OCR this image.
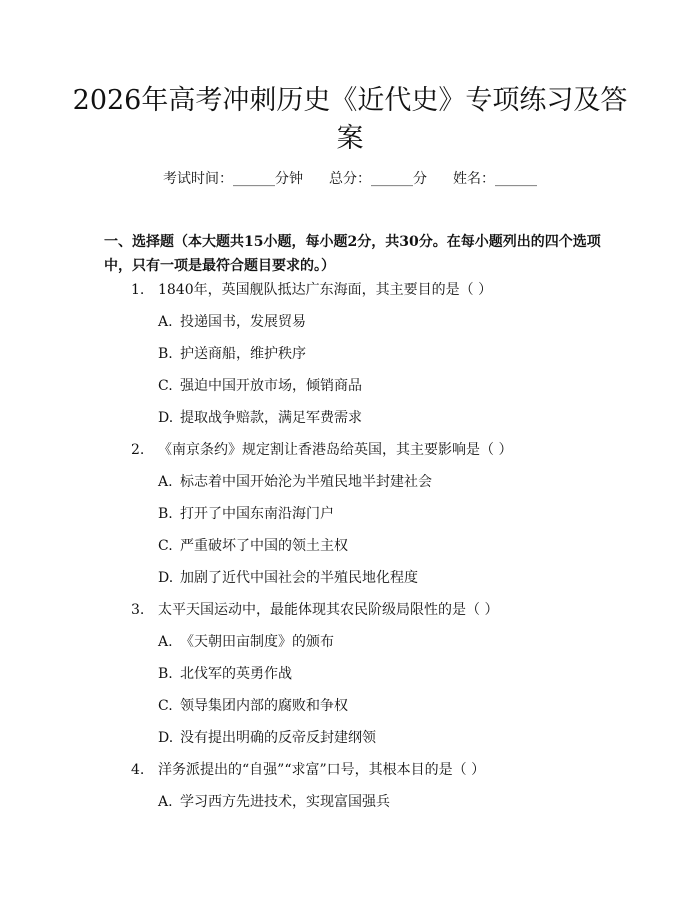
2026年高考冲刺历史《近代史》专项练习及答案
考试时间：______分钟 总分：______分 姓名：______

一、选择题（本大题共15小题，每小题2分，共30分。在每小题列出的四个选项中，只有一项是最符合题目要求的。）

1. 1840年，英国舰队抵达广东海面，其主要目的是（ ）
A. 投递国书，发展贸易
B. 护送商船，维护秩序
C. 强迫中国开放市场，倾销商品
D. 提取战争赔款，满足军费需求
2. 《南京条约》规定割让香港岛给英国，其主要影响是（ ）
A. 标志着中国开始沦为半殖民地半封建社会
B. 打开了中国东南沿海门户
C. 严重破坏了中国的领土主权
D. 加剧了近代中国社会的半殖民地化程度
3. 太平天国运动中，最能体现其农民阶级局限性的是（ ）
A. 《天朝田亩制度》的颁布
B. 北伐军的英勇作战
C. 领导集团内部的腐败和争权
D. 没有提出明确的反帝反封建纲领
4. 洋务派提出的“自强”“求富”口号，其根本目的是（ ）
A. 学习西方先进技术，实现富国强兵
